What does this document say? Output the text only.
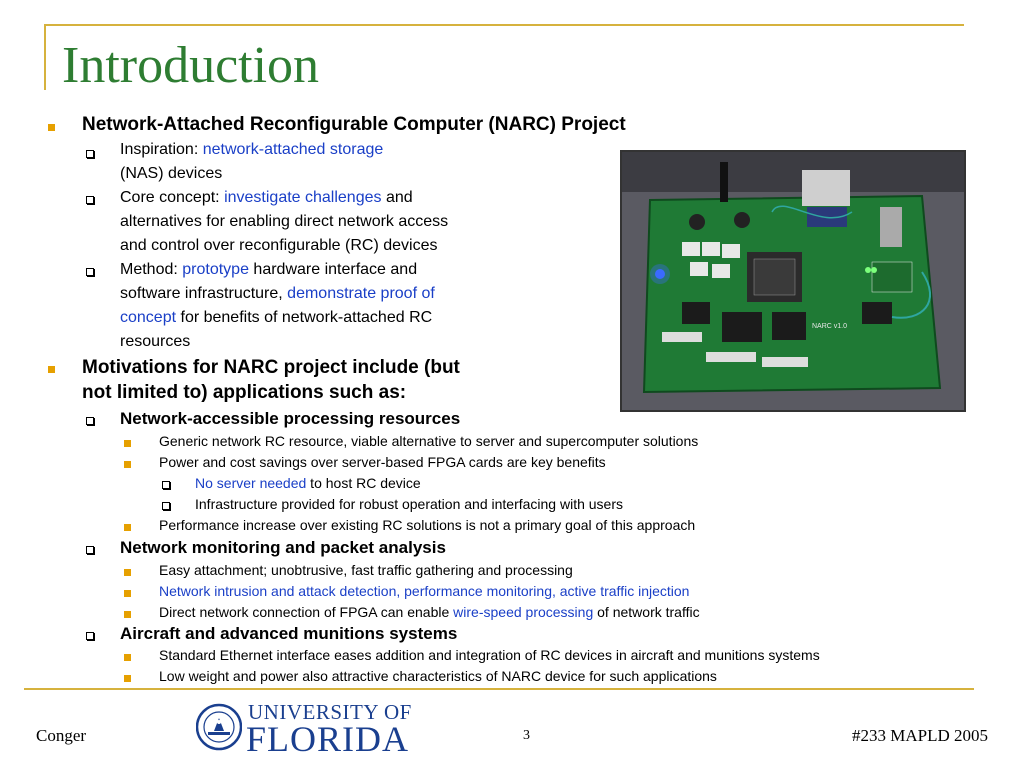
Introduction
Network-Attached Reconfigurable Computer (NARC) Project
Inspiration: network-attached storage
(NAS) devices
Core concept: investigate challenges and
alternatives for enabling direct network access
and control over reconfigurable (RC) devices
Method: prototype hardware interface and
software infrastructure, demonstrate proof of
concept for benefits of network-attached RC
resources
Motivations for NARC project include (but
not limited to) applications such as:
Network-accessible processing resources
Generic network RC resource, viable alternative to server and supercomputer solutions
Power and cost savings over server-based FPGA cards are key benefits
No server needed to host RC device
Infrastructure provided for robust operation and interfacing with users
Performance increase over existing RC solutions is not a primary goal of this approach
Network monitoring and packet analysis
Easy attachment; unobtrusive, fast traffic gathering and processing
Network intrusion and attack detection, performance monitoring, active traffic injection
Direct network connection of FPGA can enable wire-speed processing of network traffic
Aircraft and advanced munitions systems
Standard Ethernet interface eases addition and integration of RC devices in aircraft and munitions systems
Low weight and power also attractive characteristics of NARC device for such applications
NARC v1.0
Conger
UNIVERSITY OF
FLORIDA	3	#233 MAPLD 2005
